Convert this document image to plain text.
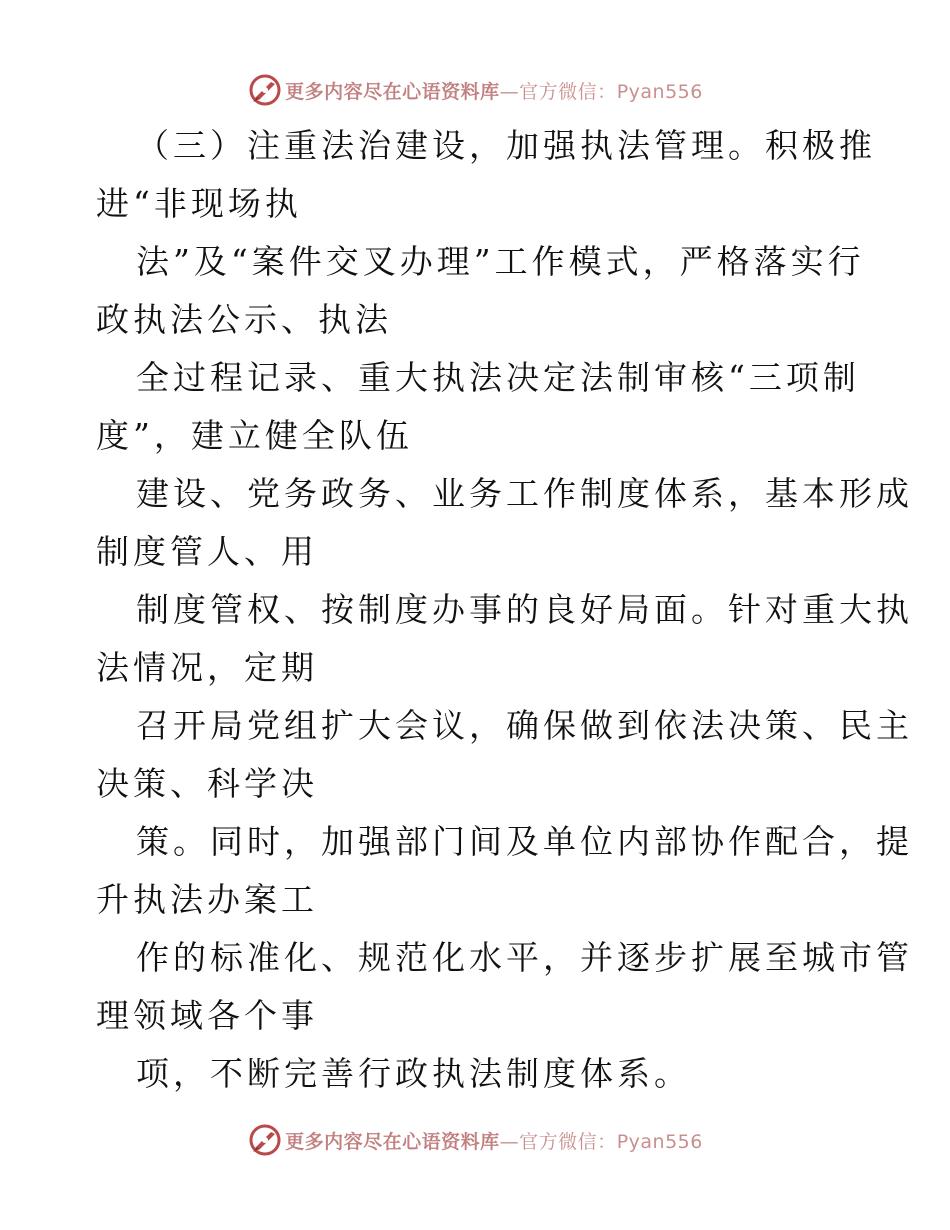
更多内容尽在心语资料库—官方微信：Pyan556
（三）注重法治建设，加强执法管理。积极推
进“非现场执
法”及“案件交叉办理”工作模式，严格落实行
政执法公示、执法
全过程记录、重大执法决定法制审核“三项制
度”，建立健全队伍
建设、党务政务、业务工作制度体系，基本形成
制度管人、用
制度管权、按制度办事的良好局面。针对重大执
法情况，定期
召开局党组扩大会议，确保做到依法决策、民主
决策、科学决
策。同时，加强部门间及单位内部协作配合，提
升执法办案工
作的标准化、规范化水平，并逐步扩展至城市管
理领域各个事
项，不断完善行政执法制度体系。
更多内容尽在心语资料库—官方微信：Pyan556
